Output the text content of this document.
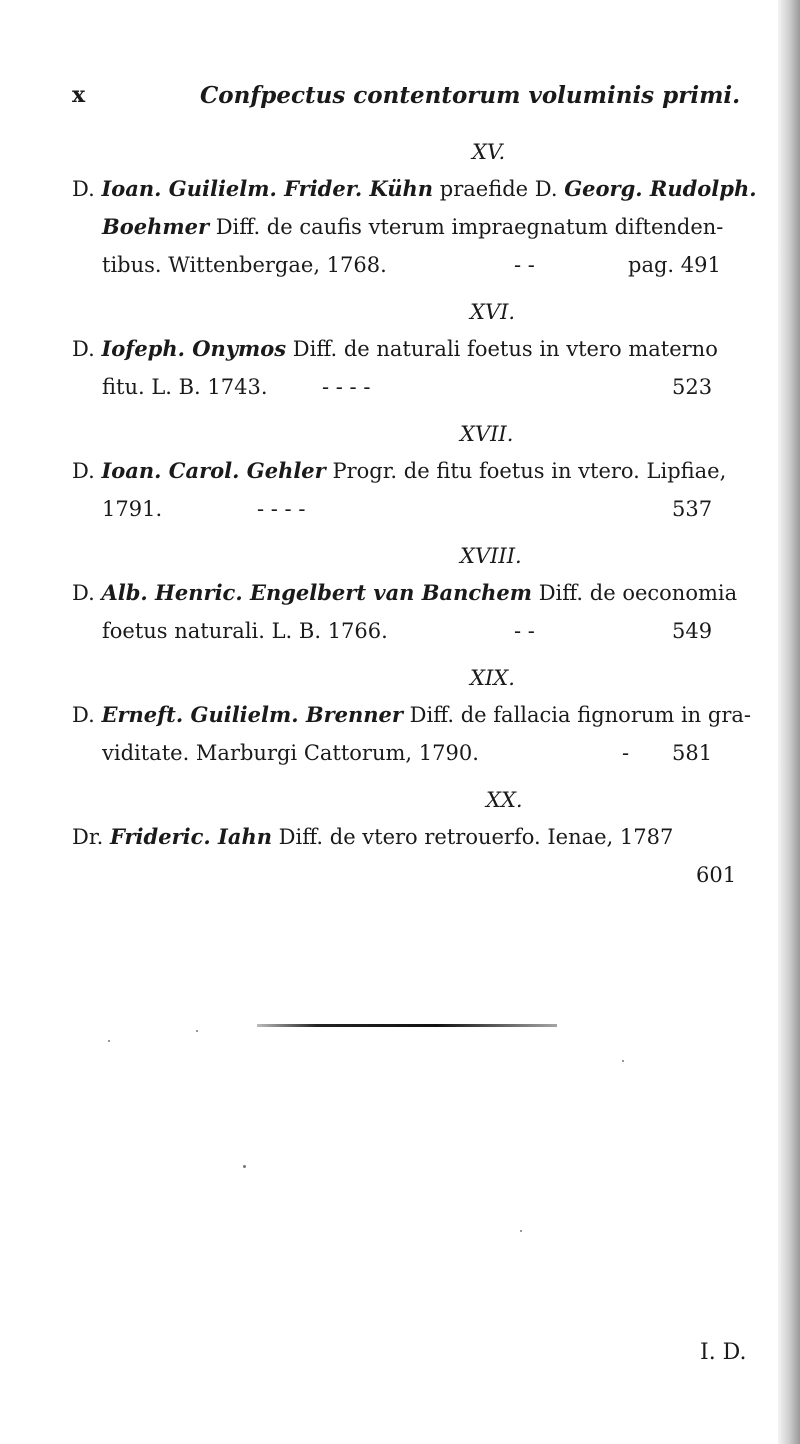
x	Confpectus contentorum voluminis primi.
XV.
D. Ioan. Guilielm. Frider. Kühn praefide D. Georg. Rudolph.
Boehmer Diff. de caufis vterum impraegnatum diftenden-
tibus. Wittenbergae, 1768.	- -	pag. 491
XVI.
D. Iofeph. Onymos Diff. de naturali foetus in vtero materno
fitu. L. B. 1743.	- - - -	523
XVII.
D. Ioan. Carol. Gehler Progr. de fitu foetus in vtero. Lipfiae,
1791.	- - - -	537
XVIII.
D. Alb. Henric. Engelbert van Banchem Diff. de oeconomia
foetus naturali. L. B. 1766.	- -	549
XIX.
D. Erneft. Guilielm. Brenner Diff. de fallacia fignorum in gra-
viditate. Marburgi Cattorum, 1790.	- 581
XX.
Dr. Frideric. Iahn Diff. de vtero retrouerfo. Ienae, 1787
601
I. D.
